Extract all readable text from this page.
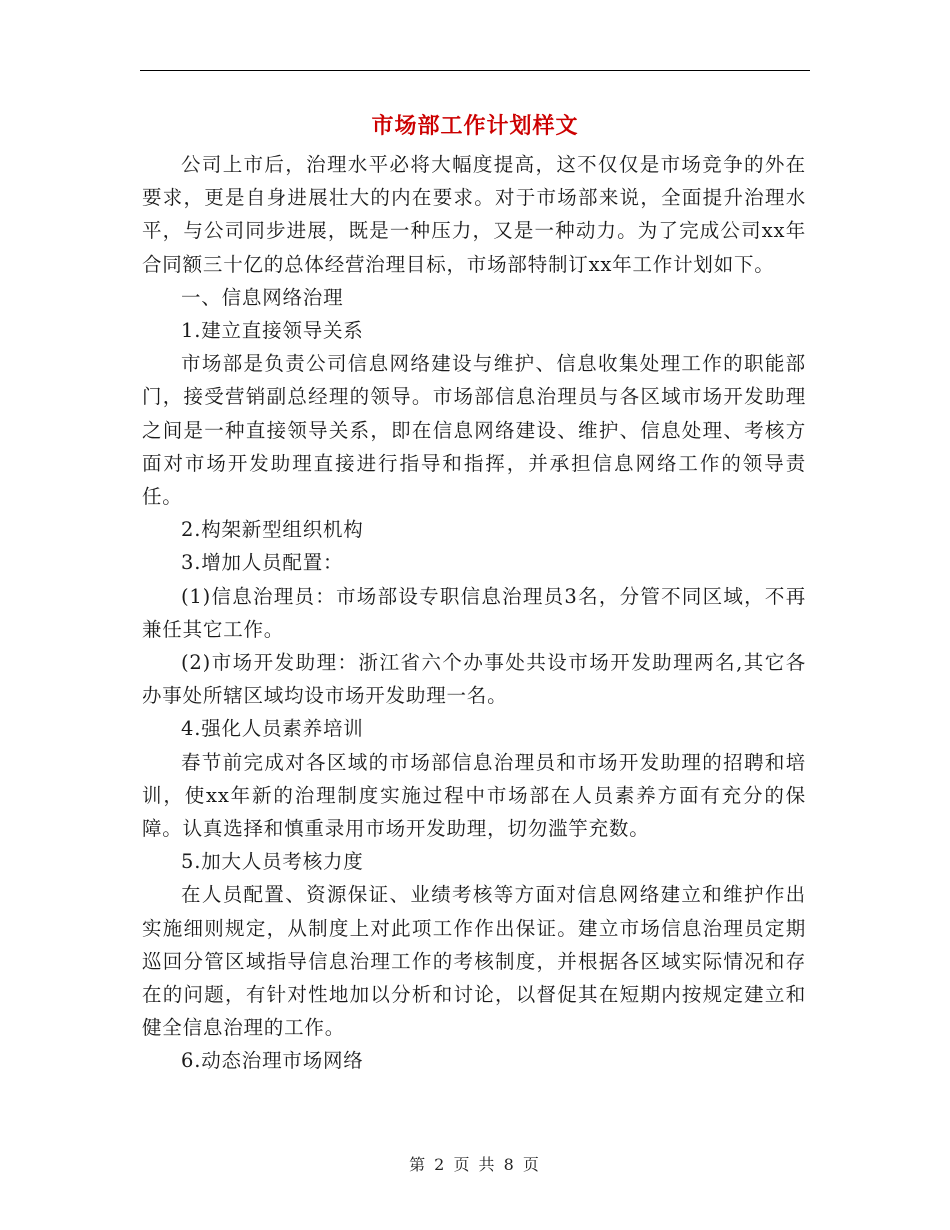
市场部工作计划样文

公司上市后，治理水平必将大幅度提高，这不仅仅是市场竞争的外在要求，更是自身进展壮大的内在要求。对于市场部来说，全面提升治理水平，与公司同步进展，既是一种压力，又是一种动力。为了完成公司xx年合同额三十亿的总体经营治理目标，市场部特制订xx年工作计划如下。

一、信息网络治理

1.建立直接领导关系

市场部是负责公司信息网络建设与维护、信息收集处理工作的职能部门，接受营销副总经理的领导。市场部信息治理员与各区域市场开发助理之间是一种直接领导关系，即在信息网络建设、维护、信息处理、考核方面对市场开发助理直接进行指导和指挥，并承担信息网络工作的领导责任。

2.构架新型组织机构

3.增加人员配置：

(1)信息治理员：市场部设专职信息治理员3名，分管不同区域，不再兼任其它工作。

(2)市场开发助理：浙江省六个办事处共设市场开发助理两名,其它各办事处所辖区域均设市场开发助理一名。

4.强化人员素养培训

春节前完成对各区域的市场部信息治理员和市场开发助理的招聘和培训，使xx年新的治理制度实施过程中市场部在人员素养方面有充分的保障。认真选择和慎重录用市场开发助理，切勿滥竽充数。

5.加大人员考核力度

在人员配置、资源保证、业绩考核等方面对信息网络建立和维护作出实施细则规定，从制度上对此项工作作出保证。建立市场信息治理员定期巡回分管区域指导信息治理工作的考核制度，并根据各区域实际情况和存在的问题，有针对性地加以分析和讨论，以督促其在短期内按规定建立和健全信息治理的工作。

6.动态治理市场网络

第 2 页 共 8 页
